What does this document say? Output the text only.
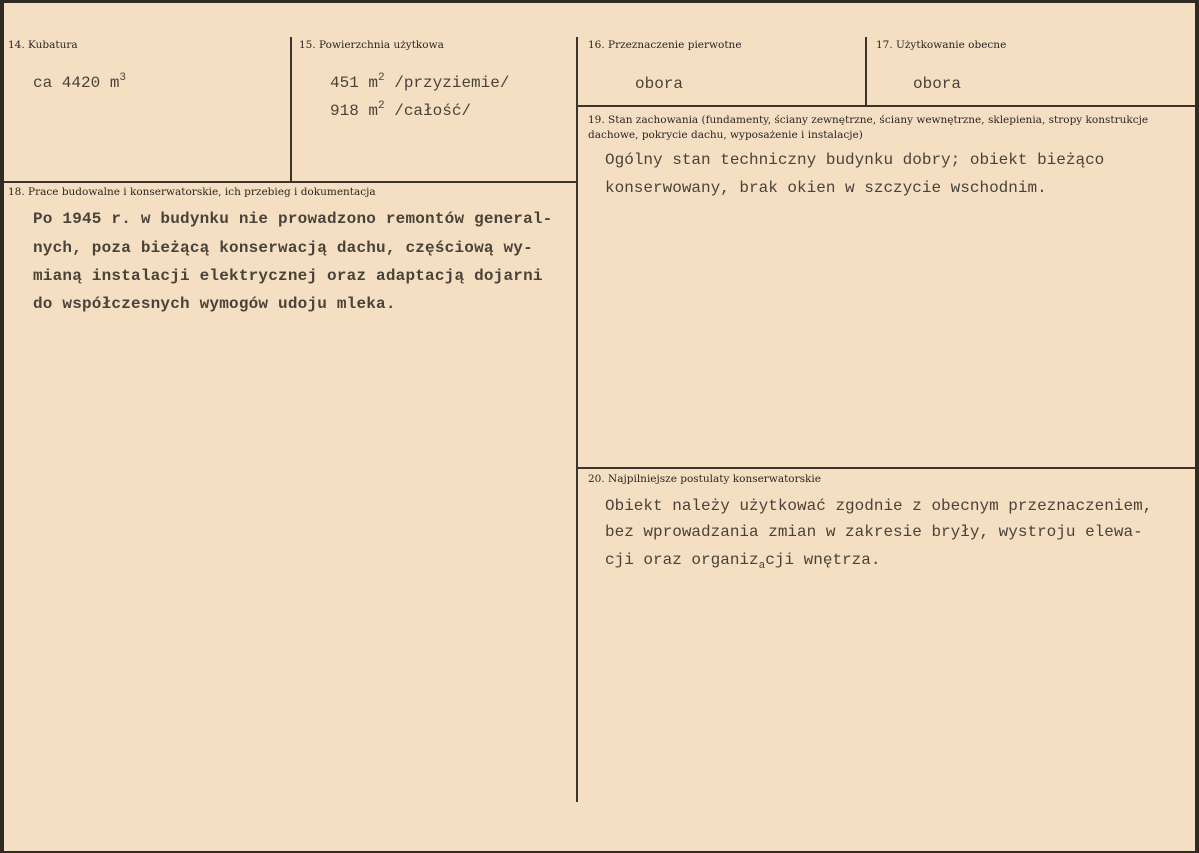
14. Kubatura
ca 4420 $m^3$
15. Powierzchnia użytkowa
451 $m^2$ /przyziemie/
918 $m^2$ /całość/
16. Przeznaczenie pierwotne
obora
17. Użytkowanie obecne
obora
18. Prace budowalne i konserwatorskie, ich przebieg i dokumentacja
Po 1945 r. w budynku nie prowadzono remontów general-
nych, poza bieżącą konserwacją dachu, częściową wy-
mianą instalacji elektrycznej oraz adaptacją dojarni
do współczesnych wymogów udoju mleka.
19. Stan zachowania (fundamenty, ściany zewnętrzne, ściany wewnętrzne, sklepienia, stropy konstrukcje dachowe, pokrycie dachu, wyposażenie i instalacje)
Ogólny stan techniczny budynku dobry; obiekt bieżąco
konserwowany, brak okien w szczycie wschodnim.
20. Najpilniejsze postulaty konserwatorskie
Obiekt należy użytkować zgodnie z obecnym przeznaczeniem,
bez wprowadzania zmian w zakresie bryły, wystroju elewa-
cji oraz organiz$_a$cji wnętrza.
